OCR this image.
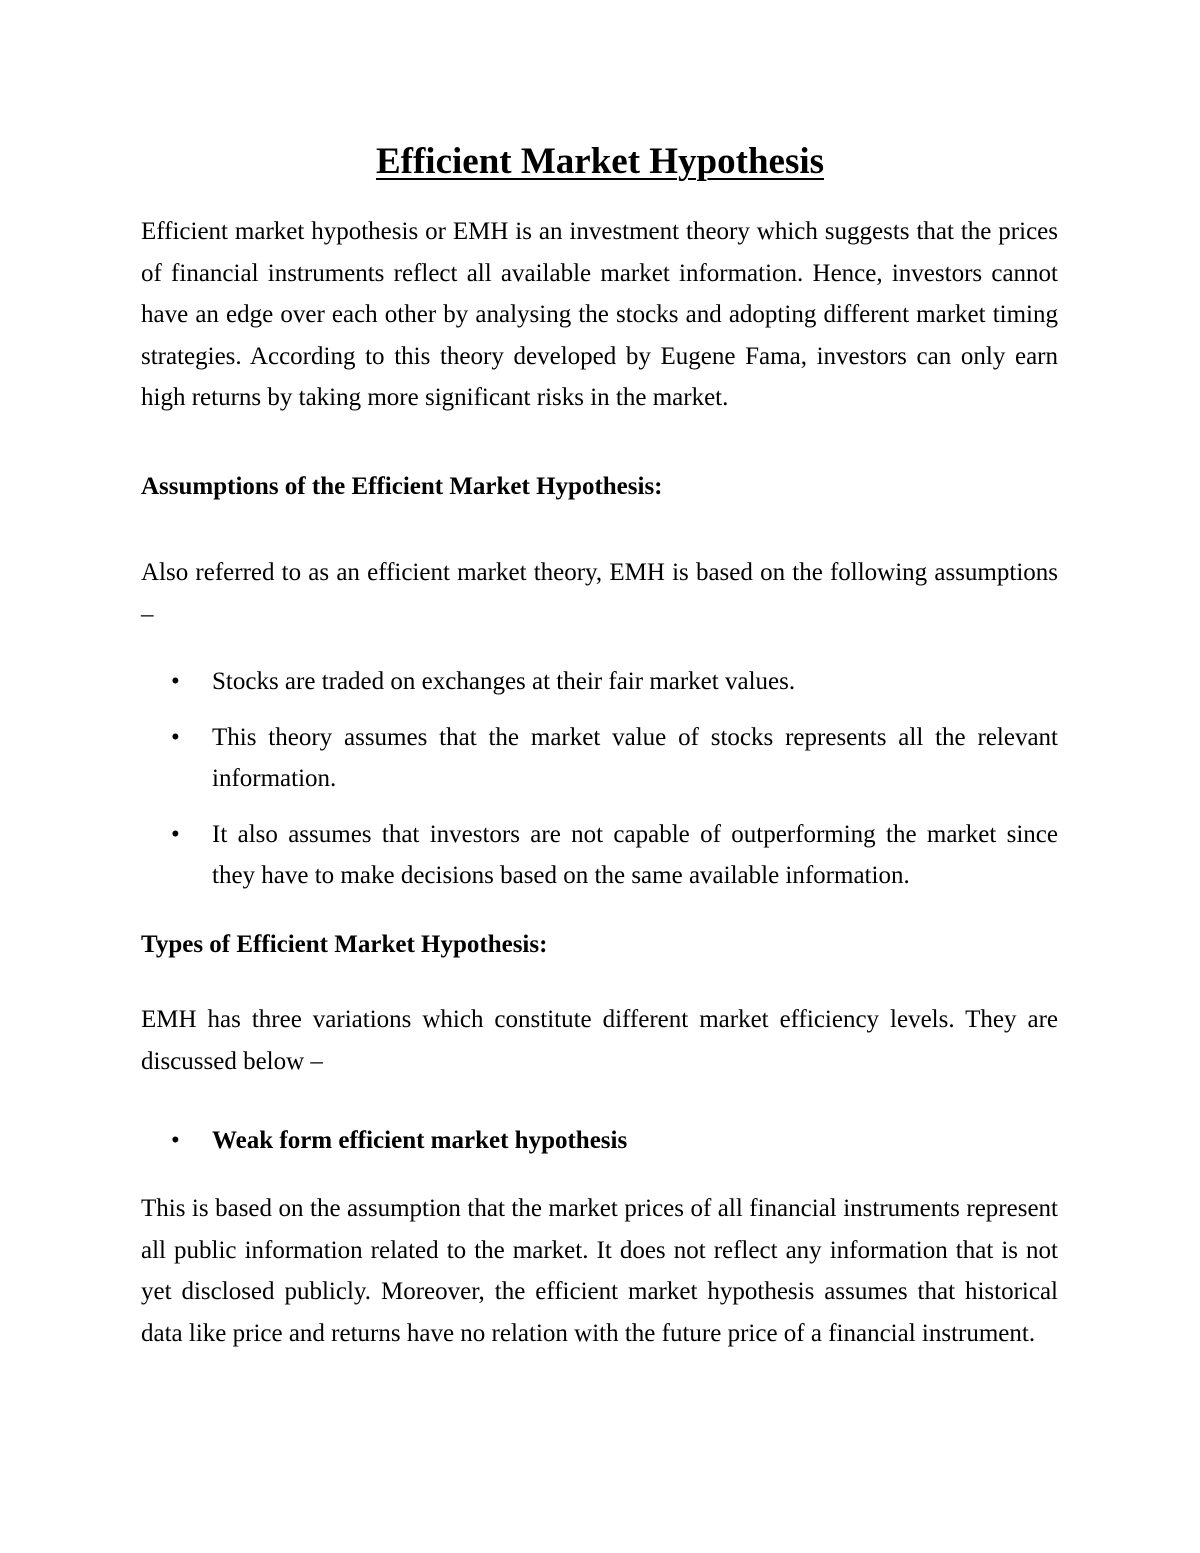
Efficient Market Hypothesis

Efficient market hypothesis or EMH is an investment theory which suggests that the prices of financial instruments reflect all available market information. Hence, investors cannot have an edge over each other by analysing the stocks and adopting different market timing strategies. According to this theory developed by Eugene Fama, investors can only earn high returns by taking more significant risks in the market.

Assumptions of the Efficient Market Hypothesis:

Also referred to as an efficient market theory, EMH is based on the following assumptions –

• Stocks are traded on exchanges at their fair market values.
• This theory assumes that the market value of stocks represents all the relevant information.
• It also assumes that investors are not capable of outperforming the market since they have to make decisions based on the same available information.
Types of Efficient Market Hypothesis:

EMH has three variations which constitute different market efficiency levels. They are discussed below –

• Weak form efficient market hypothesis

This is based on the assumption that the market prices of all financial instruments represent all public information related to the market. It does not reflect any information that is not yet disclosed publicly. Moreover, the efficient market hypothesis assumes that historical data like price and returns have no relation with the future price of a financial instrument.
